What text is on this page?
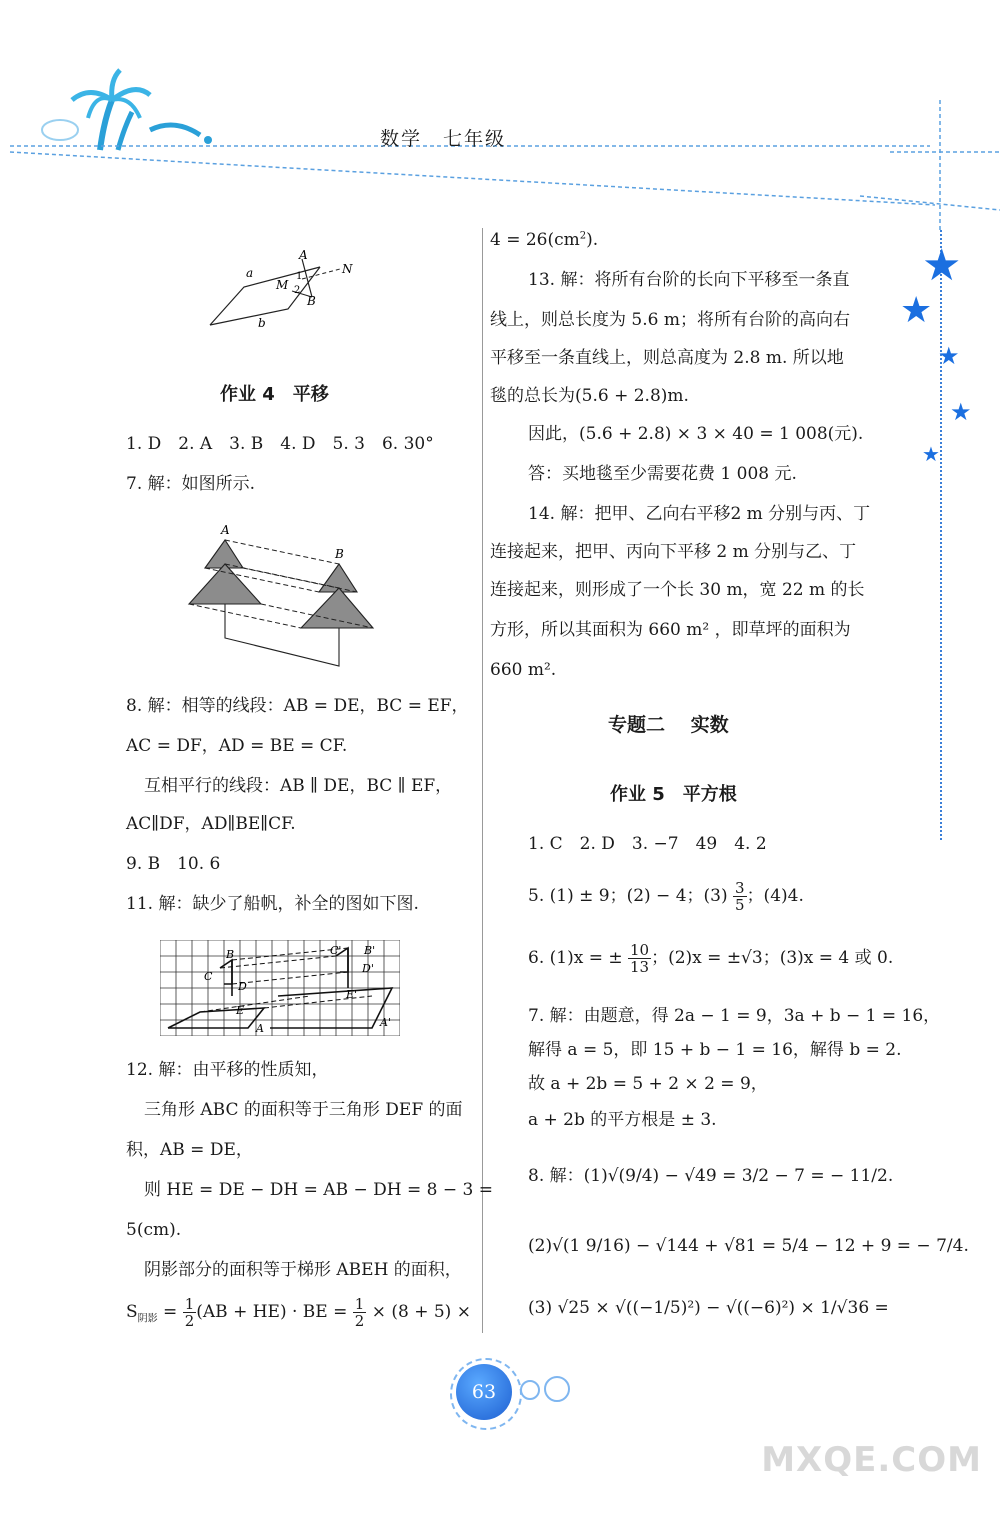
数学　七年级
★
★
★
★
★
a
b
A
B
M
N
1
2
作业 4　平移
1. D　2. A　3. B　4. D　5. 3　6. 30°
7. 解：如图所示.
A
B
8. 解：相等的线段：AB = DE，BC = EF，
AC = DF，AD = BE = CF.
互相平行的线段：AB ∥ DE，BC ∥ EF，
AC∥DF，AD∥BE∥CF.
9. B　10. 6
11. 解：缺少了船帆，补全的图如下图.
B
C
D
E
A
C' B'
D'
E'
A'
12. 解：由平移的性质知，
三角形 ABC 的面积等于三角形 DEF 的面
积，AB = DE，
则 HE = DE − DH = AB − DH = 8 − 3 =
5(cm).
阴影部分的面积等于梯形 ABEH 的面积，
$S_{阴影} = \frac{1}{2} (AB + HE)$ · BE = $\frac{1}{2} \times (8 + 5)$ ×
$4 = 26(cm^2)$.
13. 解：将所有台阶的长向下平移至一条直
线上，则总长度为 5.6 m；将所有台阶的高向右
平移至一条直线上，则总高度为 2.8 m. 所以地
毯的总长为(5.6 + 2.8)m.
因此，(5.6 + 2.8) × 3 × 40 = 1 008(元).
答：买地毯至少需要花费 1 008 元.
14. 解：把甲、乙向右平移2 m 分别与丙、丁
连接起来，把甲、丙向下平移 2 m 分别与乙、丁
连接起来，则形成了一个长 30 m，宽 22 m 的长
方形，所以其面积为 660 m² ，即草坪的面积为
660 m².
专题二　 实数
作业 5　平方根
1. C　2. D　3. −7　49　4. 2
5. (1) ± 9；(2) − 4；$(3) \frac{3}{5}$ ；(4)4.
6. (1)x = ± $\frac{10}{13}$ ；(2)x = ±√3；(3)x = 4 或 0.
7. 解：由题意，得 2a − 1 = 9，3a + b − 1 = 16，
解得 a = 5，即 15 + b − 1 = 16，解得 b = 2.
故 a + 2b = 5 + 2 × 2 = 9，
a + 2b 的平方根是 ± 3.
8. 解：(1)√(9/4) − √49 = 3/2 − 7 = − 11/2.
(2)√(1 9/16) − √144 + √81 = 5/4 − 12 + 9 = − 7/4.
(3) √25 × √((−1/5)²) − √((−6)²) × 1/√36 =
63
MXQE.COM
